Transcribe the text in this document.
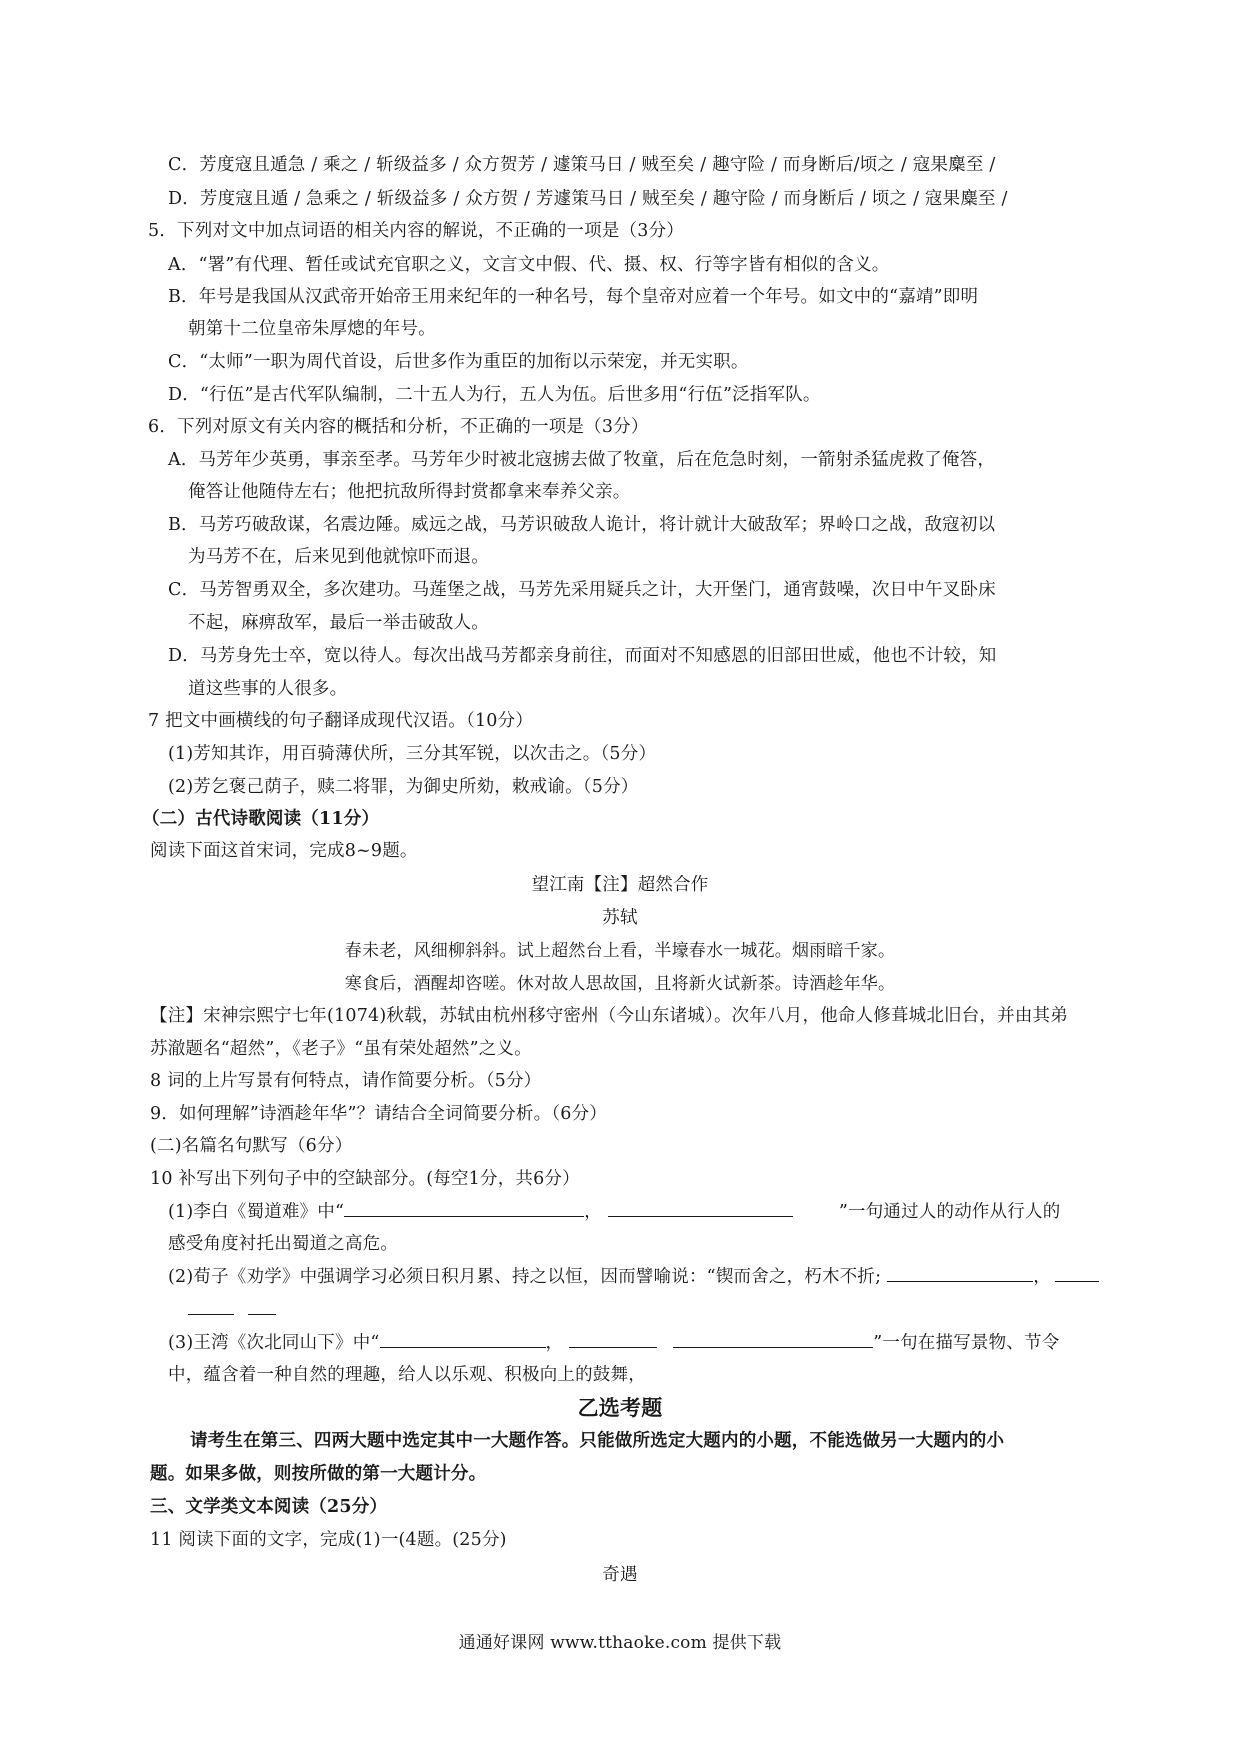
C．芳度寇且遁急 / 乘之 / 斩级益多 / 众方贺芳 / 遽策马日 / 贼至矣 / 趣守险 / 而身断后/顷之 / 寇果麋至 /
D．芳度寇且遁 / 急乘之 / 斩级益多 / 众方贺 / 芳遽策马日 / 贼至矣 / 趣守险 / 而身断后 / 顷之 / 寇果麋至 /
5．下列对文中加点词语的相关内容的解说，不正确的一项是（3分）
A．“署”有代理、暂任或试充官职之义，文言文中假、代、摄、权、行等字皆有相似的含义。
B．年号是我国从汉武帝开始帝王用来纪年的一种名号，每个皇帝对应着一个年号。如文中的“嘉靖”即明
朝第十二位皇帝朱厚熜的年号。
C．“太师”一职为周代首设，后世多作为重臣的加衔以示荣宠，并无实职。
D．“行伍”是古代军队编制，二十五人为行，五人为伍。后世多用“行伍”泛指军队。
6．下列对原文有关内容的概括和分析，不正确的一项是（3分）
A．马芳年少英勇，事亲至孝。马芳年少时被北寇掳去做了牧童，后在危急时刻，一箭射杀猛虎救了俺答，
俺答让他随侍左右；他把抗敌所得封赏都拿来奉养父亲。
B．马芳巧破敌谋，名震边陲。威远之战，马芳识破敌人诡计，将计就计大破敌军；界岭口之战，敌寇初以
为马芳不在，后来见到他就惊吓而退。
C．马芳智勇双全，多次建功。马莲堡之战，马芳先采用疑兵之计，大开堡门，通宵鼓噪，次日中午叉卧床
不起，麻痹敌军，最后一举击破敌人。
D．马芳身先士卒，宽以待人。每次出战马芳都亲身前往，而面对不知感恩的旧部田世威，他也不计较，知
道这些事的人很多。
7 把文中画横线的句子翻译成现代汉语。（10分）
(1)芳知其诈，用百骑薄伏所，三分其军锐，以次击之。（5分）
(2)芳乞褒己荫子，赎二将罪，为御史所劾，敕戒谕。（5分）
（二）古代诗歌阅读（11分）
阅读下面这首宋词，完成8~9题。
望江南【注】超然合作
苏轼
春未老，风细柳斜斜。试上超然台上看，半壕春水一城花。烟雨暗千家。
寒食后，酒醒却咨嗟。休对故人思故国，且将新火试新茶。诗酒趁年华。
【注】宋神宗熙宁七年(1074)秋载，苏轼由杭州移守密州（今山东诸城）。次年八月，他命人修葺城北旧台，并由其弟
苏澈题名“超然”，《老子》“虽有荣处超然”之义。
8 词的上片写景有何特点，请作简要分析。（5分）
9．如何理解”诗酒趁年华”？请结合全词简要分析。（6分）
(二)名篇名句默写（6分）
10 补写出下列句子中的空缺部分。(每空1分，共6分）
(1)李白《蜀道难》中“	，	”一句通过人的动作从行人的
感受角度衬托出蜀道之高危。
(2)荀子《劝学》中强调学习必须日积月累、持之以恒，因而譬喻说：“锲而舍之，朽木不折;	，
(3)王湾《次北同山下》中“	，	”一句在描写景物、节令
中，蕴含着一种自然的理趣，给人以乐观、积极向上的鼓舞，
乙选考题
请考生在第三、四两大题中选定其中一大题作答。只能做所选定大题内的小题，不能选做另一大题内的小
题。如果多做，则按所做的第一大题计分。
三、文学类文本阅读（25分）
11 阅读下面的文字，完成(1)一(4题。(25分)
奇遇
通通好课网 www.tthaoke.com 提供下载
